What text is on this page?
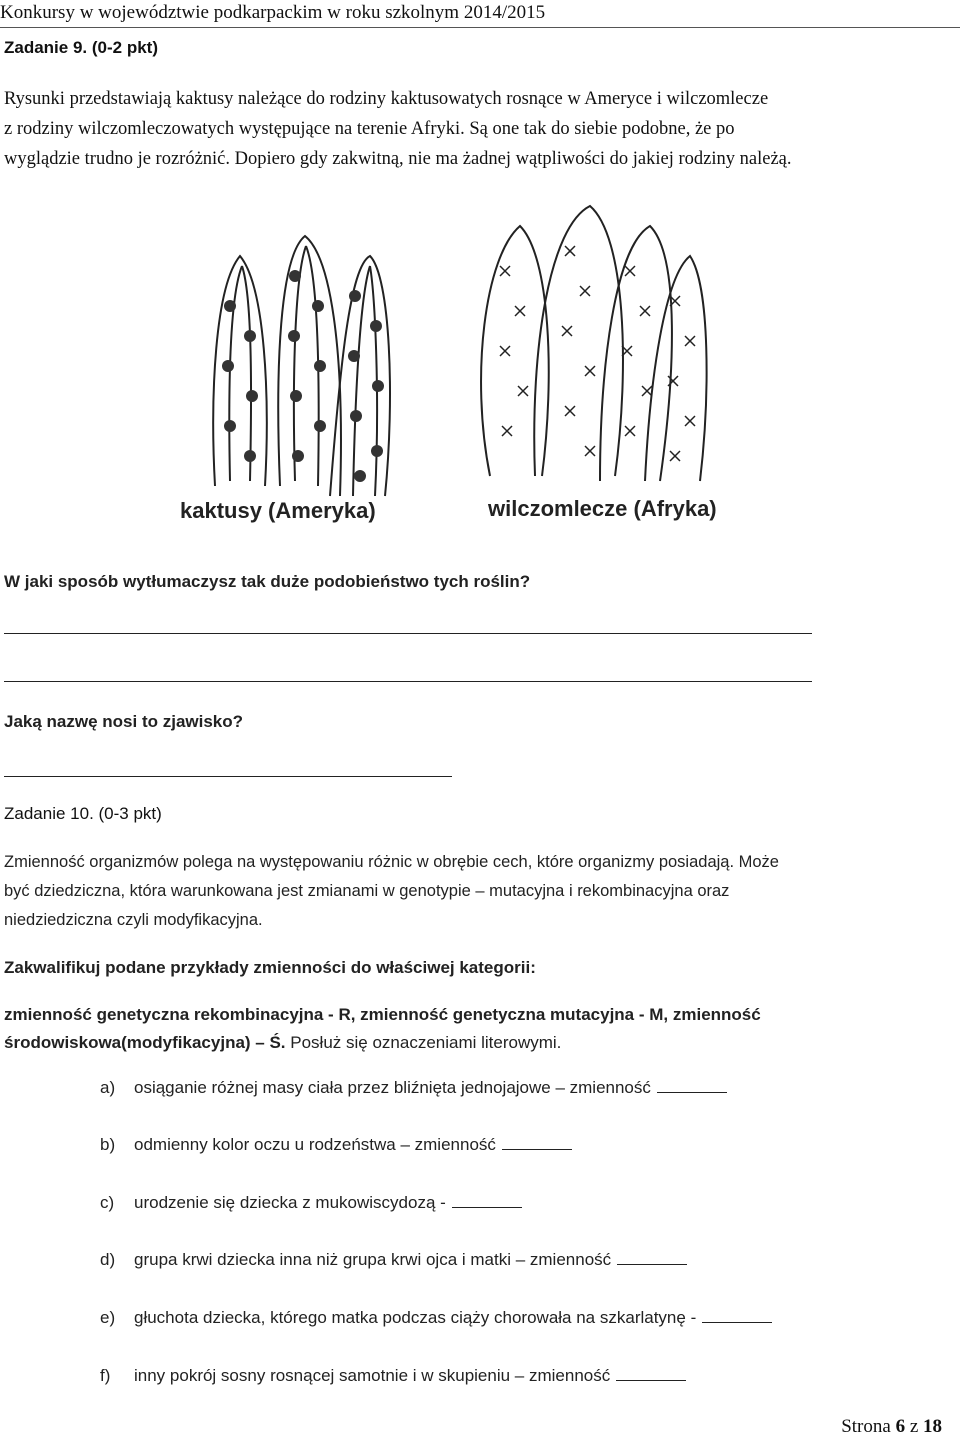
Konkursy w województwie podkarpackim w roku szkolnym 2014/2015
Zadanie 9. (0-2 pkt)
Rysunki przedstawiają kaktusy należące do rodziny kaktusowatych rosnące w Ameryce i wilczomlecze
z rodziny wilczomleczowatych występujące na terenie Afryki. Są one tak do siebie podobne, że po
wyglądzie trudno je rozróżnić. Dopiero gdy zakwitną, nie ma żadnej wątpliwości do jakiej rodziny należą.
kaktusy (Ameryka)	wilczomlecze (Afryka)
W jaki sposób wytłumaczysz tak duże podobieństwo tych roślin?
Jaką nazwę nosi to zjawisko?
Zadanie 10. (0-3 pkt)
Zmienność organizmów polega na występowaniu różnic w obrębie cech, które organizmy posiadają. Może
być dziedziczna, która warunkowana jest zmianami w genotypie – mutacyjna i rekombinacyjna oraz
niedziedziczna czyli modyfikacyjna.
Zakwalifikuj podane przykłady zmienności do właściwej kategorii:
zmienność genetyczna rekombinacyjna - R, zmienność genetyczna mutacyjna - M, zmienność
środowiskowa(modyfikacyjna) – Ś. Posłuż się oznaczeniami literowymi.
a) osiąganie różnej masy ciała przez bliźnięta jednojajowe – zmienność
b) odmienny kolor oczu u rodzeństwa – zmienność
c) urodzenie się dziecka z mukowiscydozą -
d) grupa krwi dziecka inna niż grupa krwi ojca i matki – zmienność
e) głuchota dziecka, którego matka podczas ciąży chorowała na szkarlatynę -
f) inny pokrój sosny rosnącej samotnie i w skupieniu – zmienność
Strona 6 z 18
